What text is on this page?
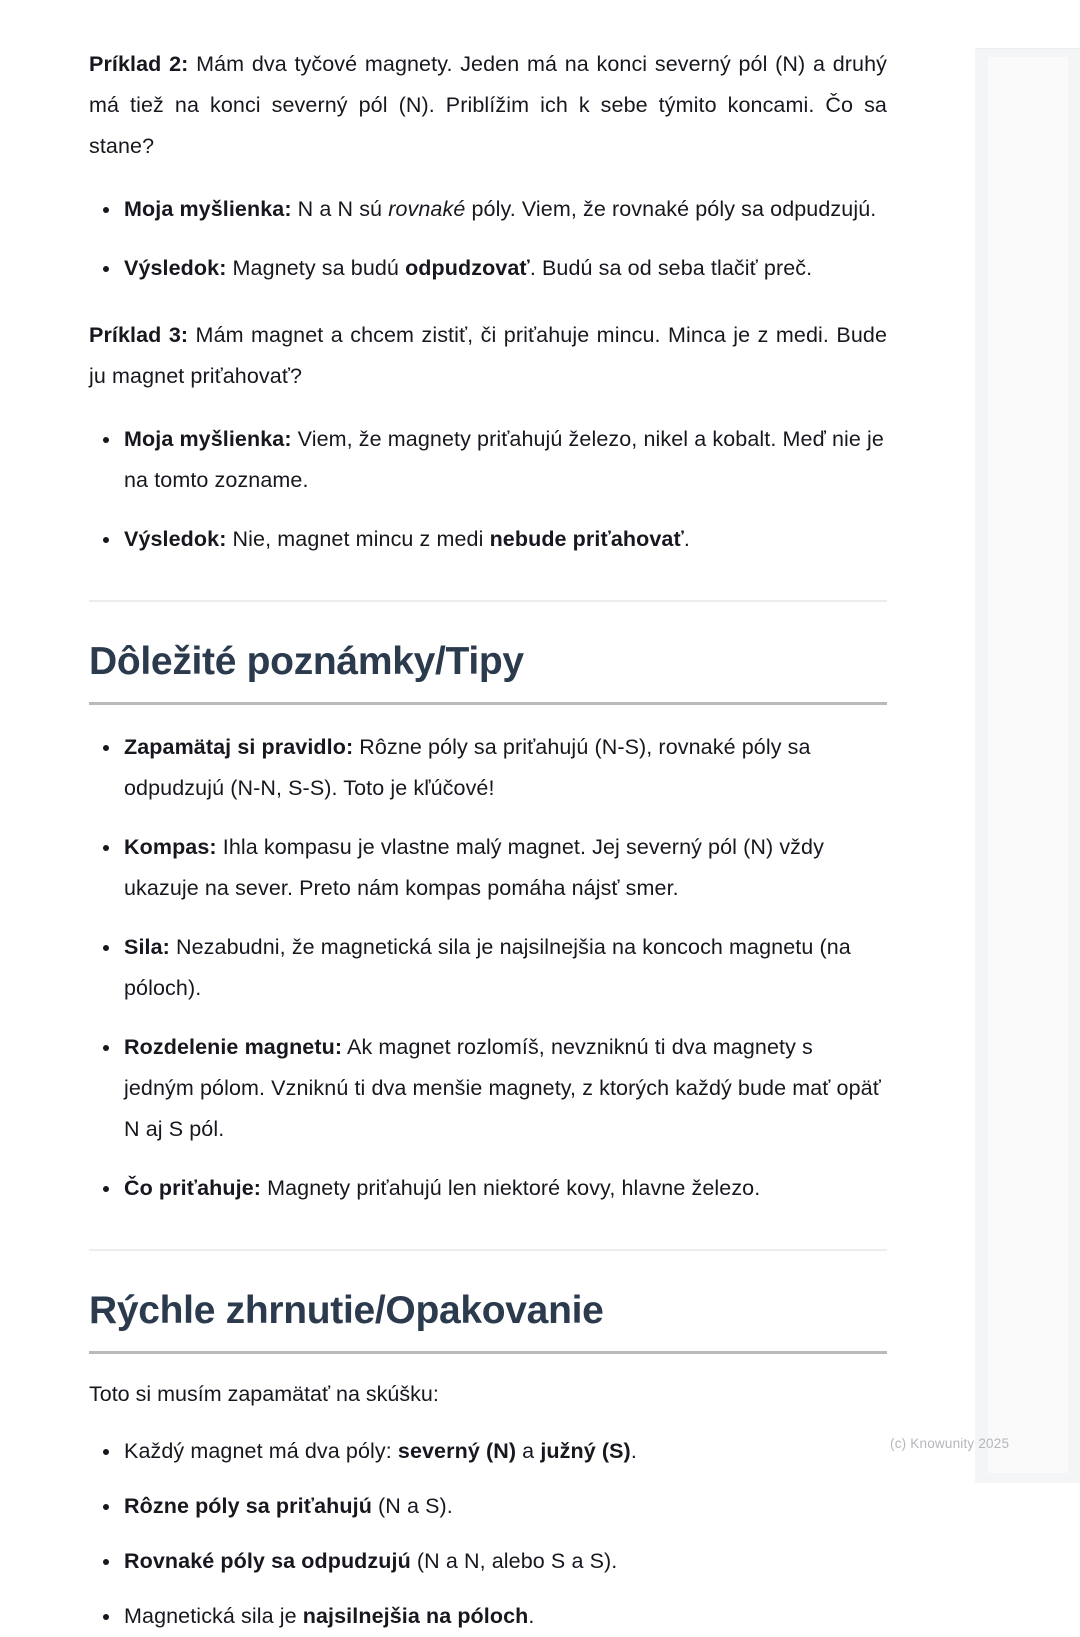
Príklad 2: Mám dva tyčové magnety. Jeden má na konci severný pól (N) a druhý má tiež na konci severný pól (N). Priblížim ich k sebe týmito koncami. Čo sa stane?

Moja myšlienka: N a N sú rovnaké póly. Viem, že rovnaké póly sa odpudzujú.
Výsledok: Magnety sa budú odpudzovať. Budú sa od seba tlačiť preč.

Príklad 3: Mám magnet a chcem zistiť, či priťahuje mincu. Minca je z medi. Bude ju magnet priťahovať?

Moja myšlienka: Viem, že magnety priťahujú železo, nikel a kobalt. Meď nie je na tomto zozname.
Výsledok: Nie, magnet mincu z medi nebude priťahovať.
Dôležité poznámky/Tipy
Zapamätaj si pravidlo: Rôzne póly sa priťahujú (N-S), rovnaké póly sa odpudzujú (N-N, S-S). Toto je kľúčové!
Kompas: Ihla kompasu je vlastne malý magnet. Jej severný pól (N) vždy ukazuje na sever. Preto nám kompas pomáha nájsť smer.
Sila: Nezabudni, že magnetická sila je najsilnejšia na koncoch magnetu (na póloch).
Rozdelenie magnetu: Ak magnet rozlomíš, nevzniknú ti dva magnety s jedným pólom. Vzniknú ti dva menšie magnety, z ktorých každý bude mať opäť N aj S pól.
Čo priťahuje: Magnety priťahujú len niektoré kovy, hlavne železo.
Rýchle zhrnutie/Opakovanie

Toto si musím zapamätať na skúšku:

Každý magnet má dva póly: severný (N) a južný (S).
Rôzne póly sa priťahujú (N a S).
Rovnaké póly sa odpudzujú (N a N, alebo S a S).
Magnetická sila je najsilnejšia na póloch.
(c) Knowunity 2025
